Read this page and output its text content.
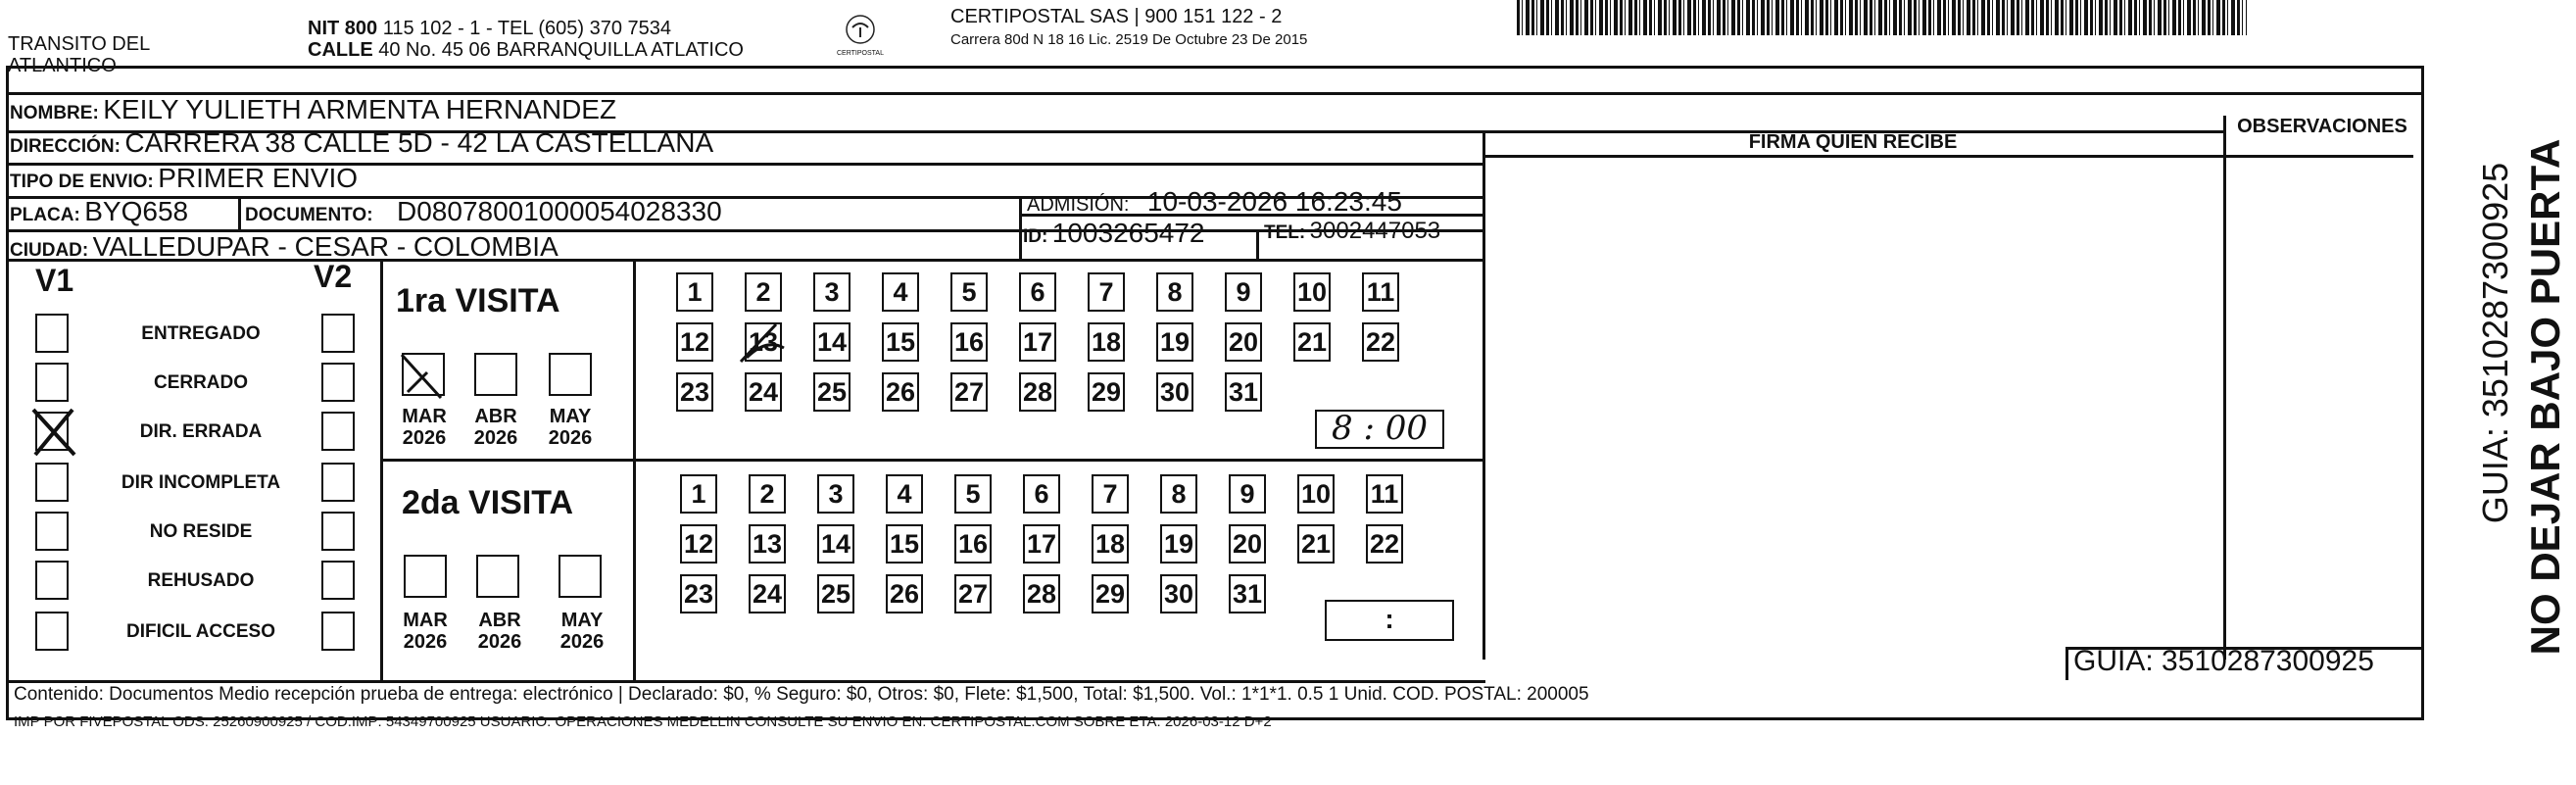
TRANSITO DEL
ATLANTICO
NIT 800 115 102 - 1 - TEL (605) 370 7534
CALLE 40 No. 45 06 BARRANQUILLA ATLATICO	CERTIPOSTAL
CERTIPOSTAL SAS | 900 151 122 - 2
Carrera 80d N 18 16 Lic. 2519 De Octubre 23 De 2015
NOMBRE: KEILY YULIETH ARMENTA HERNANDEZ
DIRECCIÓN: CARRERA 38 CALLE 5D - 42 LA CASTELLANA
TIPO DE ENVIO: PRIMER ENVIO
PLACA: BYQ658	DOCUMENTO: D08078001000054028330	ADMISIÓN: 10-03-2026 16:23:45
CIUDAD: VALLEDUPAR - CESAR - COLOMBIA	ID: 1003265472	TEL: 3002447053
FIRMA QUIEN RECIBE
OBSERVACIONES
V1	V2
ENTREGADO
CERRADO
DIR. ERRADA
DIR INCOMPLETA
NO RESIDE
REHUSADO
DIFICIL ACCESO
1ra VISITA
MAR
2026
ABR
2026
MAY
2026
1	2	3	4	5	6	7	8	9	10 11
12 13 14 15 16 17 18 19 20 21 22
23 24 25 26 27 28 29 30 31
8 : 00
2da VISITA
MAR
2026
ABR
2026
MAY
2026
1	2	3	4	5	6	7	8	9	10 11
12 13 14 15 16 17 18 19 20 21 22
23 24 25 26 27 28 29 30 31
:
GUIA: 3510287300925
Contenido: Documentos Medio recepción prueba de entrega: electrónico | Declarado: $0, % Seguro: $0, Otros: $0, Flete: $1,500, Total: $1,500. Vol.: 1*1*1. 0.5 1 Unid. COD. POSTAL: 200005
IMP POR FIVEPOSTAL ODS: 25260900925 / COD.IMP: 54349700925 USUARIO: OPERACIONES MEDELLIN CONSULTE SU ENVIO EN: CERTIPOSTAL.COM SOBRE ETA: 2026-03-12 D+2
NO DEJAR BAJO PUERTA
GUIA: 3510287300925
